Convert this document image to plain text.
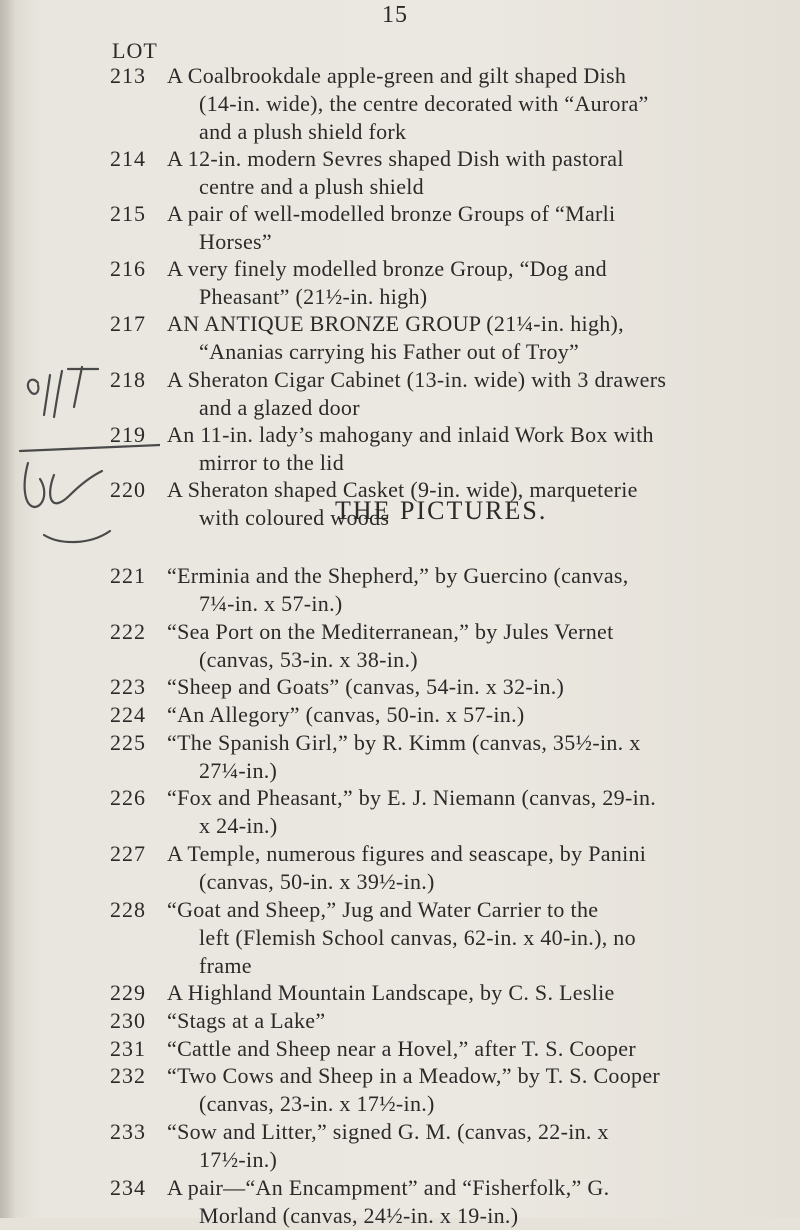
15
LOT
213 A Coalbrookdale apple-green and gilt shaped Dish
(14-in. wide), the centre decorated with “Aurora”
and a plush shield fork
214 A 12-in. modern Sevres shaped Dish with pastoral
centre and a plush shield
215 A pair of well-modelled bronze Groups of “Marli
Horses”
216 A very finely modelled bronze Group, “Dog and
Pheasant” (21½-in. high)
217 AN ANTIQUE BRONZE GROUP (21¼-in. high),
“Ananias carrying his Father out of Troy”
218 A Sheraton Cigar Cabinet (13-in. wide) with 3 drawers
and a glazed door
219 An 11-in. lady’s mahogany and inlaid Work Box with
mirror to the lid
220 A Sheraton shaped Casket (9-in. wide), marqueterie
with coloured woods
THE PICTURES.
221 “Erminia and the Shepherd,” by Guercino (canvas,
7¼-in. x 57-in.)
222 “Sea Port on the Mediterranean,” by Jules Vernet
(canvas, 53-in. x 38-in.)
223 “Sheep and Goats” (canvas, 54-in. x 32-in.)
224 “An Allegory” (canvas, 50-in. x 57-in.)
225 “The Spanish Girl,” by R. Kimm (canvas, 35½-in. x
27¼-in.)
226 “Fox and Pheasant,” by E. J. Niemann (canvas, 29-in.
x 24-in.)
227 A Temple, numerous figures and seascape, by Panini
(canvas, 50-in. x 39½-in.)
228 “Goat and Sheep,” Jug and Water Carrier to the
left (Flemish School canvas, 62-in. x 40-in.), no
frame
229 A Highland Mountain Landscape, by C. S. Leslie
230 “Stags at a Lake”
231 “Cattle and Sheep near a Hovel,” after T. S. Cooper
232 “Two Cows and Sheep in a Meadow,” by T. S. Cooper
(canvas, 23-in. x 17½-in.)
233 “Sow and Litter,” signed G. M. (canvas, 22-in. x
17½-in.)
234 A pair—“An Encampment” and “Fisherfolk,” G.
Morland (canvas, 24½-in. x 19-in.)
